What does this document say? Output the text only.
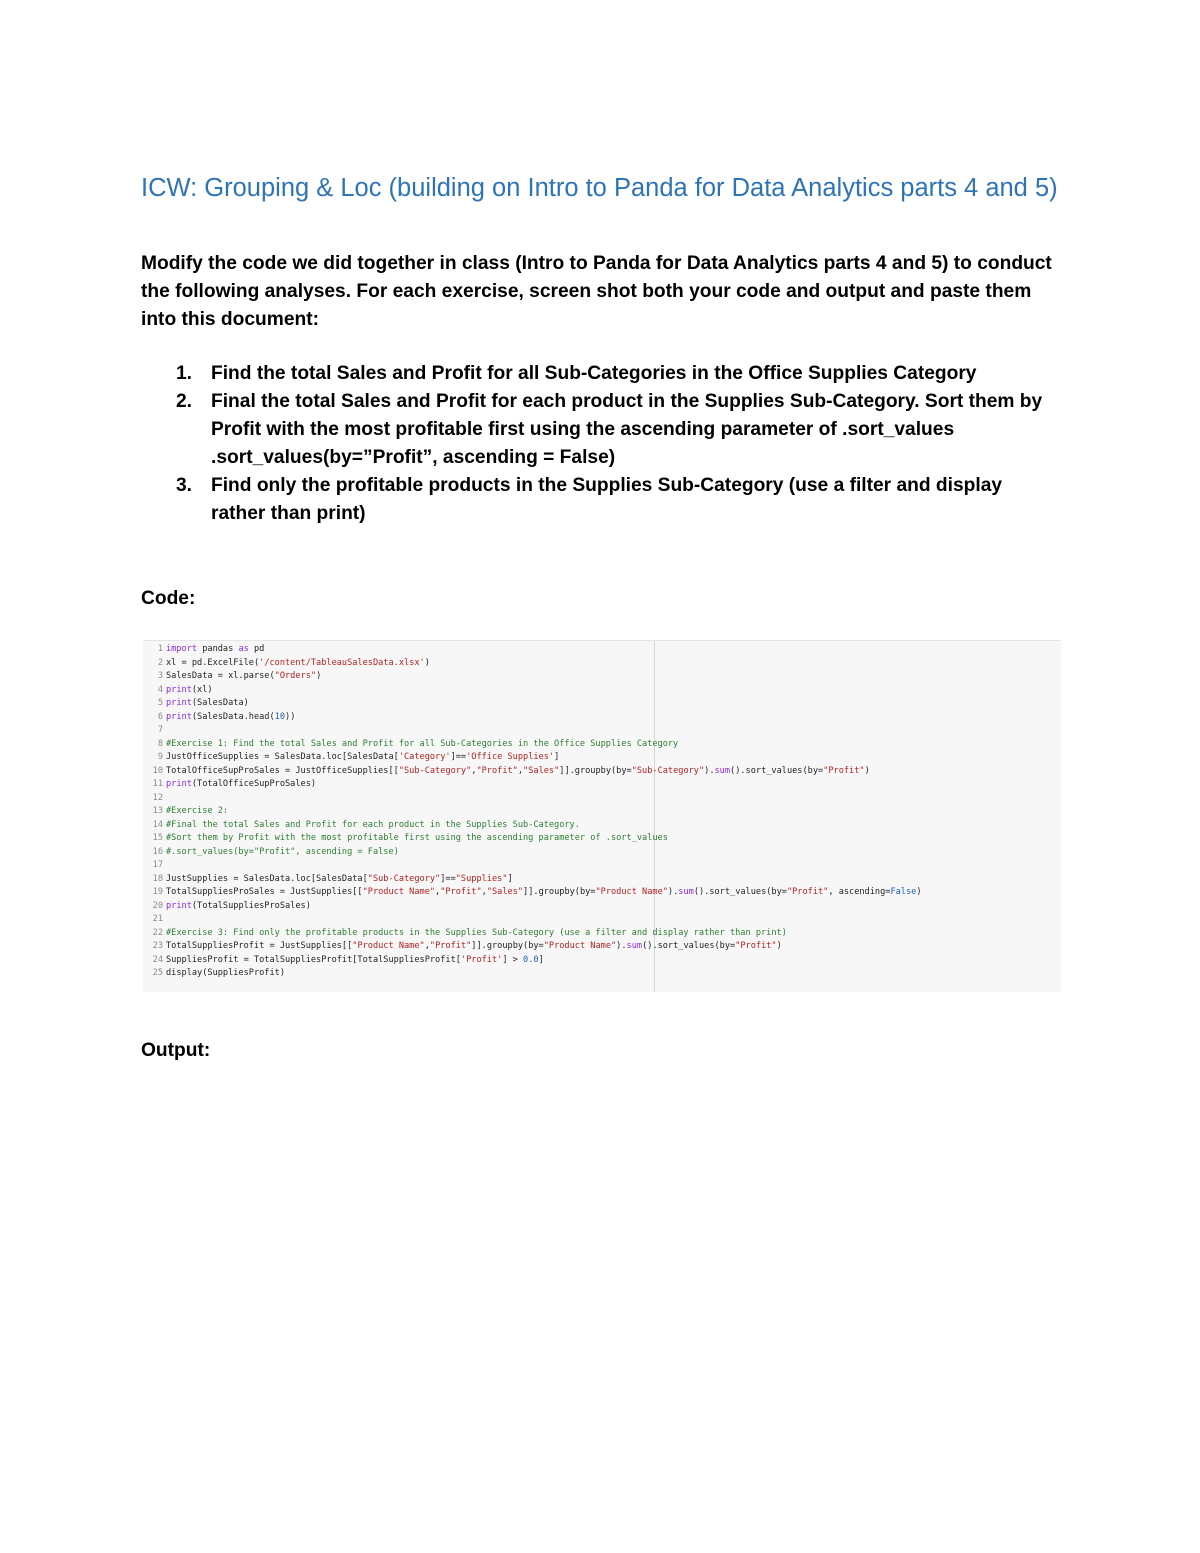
ICW: Grouping & Loc (building on Intro to Panda for Data Analytics parts 4 and 5)

Modify the code we did together in class (Intro to Panda for Data Analytics parts 4 and 5) to conduct the following analyses. For each exercise, screen shot both your code and output and paste them into this document:

1. Find the total Sales and Profit for all Sub-Categories in the Office Supplies Category
2. Final the total Sales and Profit for each product in the Supplies Sub-Category. Sort them by Profit with the most profitable first using the ascending parameter of .sort_values .sort_values(by=”Profit”, ascending = False)
3. Find only the profitable products in the Supplies Sub-Category (use a filter and display rather than print)

Code:

1 import pandas as pd
2 xl = pd.ExcelFile('/content/TableauSalesData.xlsx')
3 SalesData = xl.parse("Orders")
4 print(xl)
5 print(SalesData)
6 print(SalesData.head(10))
7
8 #Exercise 1: Find the total Sales and Profit for all Sub-Categories in the Office Supplies Category
9 JustOfficeSupplies = SalesData.loc[SalesData['Category']=='Office Supplies']
10 TotalOfficeSupProSales = JustOfficeSupplies[["Sub-Category","Profit","Sales"]].groupby(by="Sub-Category").sum().sort_values(by="Profit")
11 print(TotalOfficeSupProSales)
12
13 #Exercise 2:
14 #Final the total Sales and Profit for each product in the Supplies Sub-Category.
15 #Sort them by Profit with the most profitable first using the ascending parameter of .sort_values
16 #.sort_values(by="Profit", ascending = False)
17
18 JustSupplies = SalesData.loc[SalesData["Sub-Category"]=="Supplies"]
19 TotalSuppliesProSales = JustSupplies[["Product Name","Profit","Sales"]].groupby(by="Product Name").sum().sort_values(by="Profit", ascending=False)
20 print(TotalSuppliesProSales)
21
22 #Exercise 3: Find only the profitable products in the Supplies Sub-Category (use a filter and display rather than print)
23 TotalSuppliesProfit = JustSupplies[["Product Name","Profit"]].groupby(by="Product Name").sum().sort_values(by="Profit")
24 SuppliesProfit = TotalSuppliesProfit[TotalSuppliesProfit['Profit'] > 0.0]
25 display(SuppliesProfit)

Output:
